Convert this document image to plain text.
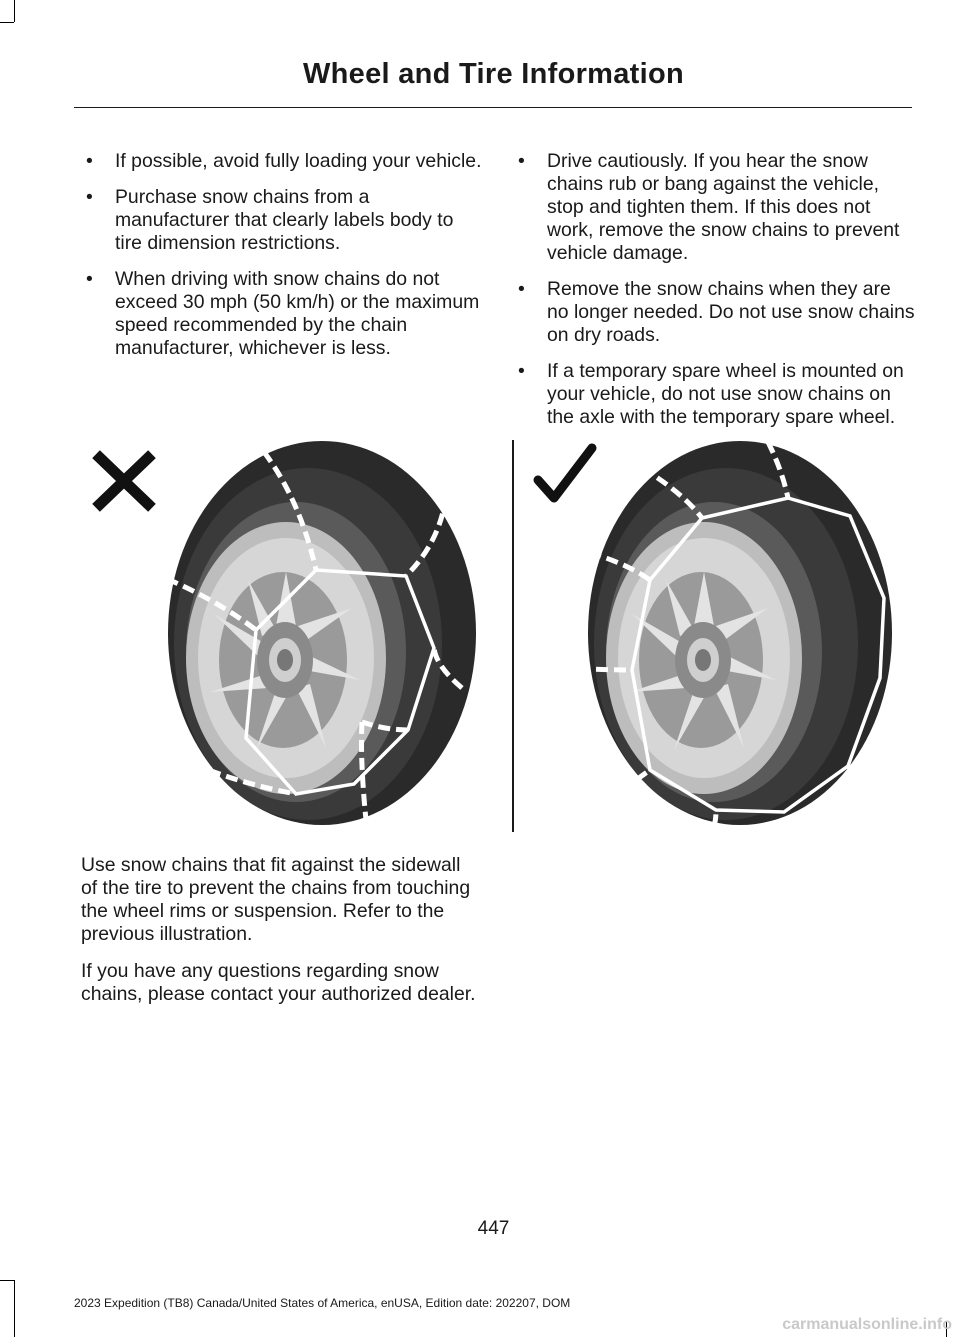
Wheel and Tire Information
• If possible, avoid fully loading your vehicle.
• Purchase snow chains from a manufacturer that clearly labels body to tire dimension restrictions.
• When driving with snow chains do not exceed 30 mph (50 km/h) or the maximum speed recommended by the chain manufacturer, whichever is less.
• Drive cautiously. If you hear the snow chains rub or bang against the vehicle, stop and tighten them. If this does not work, remove the snow chains to prevent vehicle damage.
• Remove the snow chains when they are no longer needed. Do not use snow chains on dry roads.
• If a temporary spare wheel is mounted on your vehicle, do not use snow chains on the axle with the temporary spare wheel.

Use snow chains that fit against the sidewall of the tire to prevent the chains from touching the wheel rims or suspension. Refer to the previous illustration.

If you have any questions regarding snow chains, please contact your authorized dealer.

447
2023 Expedition (TB8) Canada/United States of America, enUSA, Edition date: 202207, DOM
carmanualsonline.info
